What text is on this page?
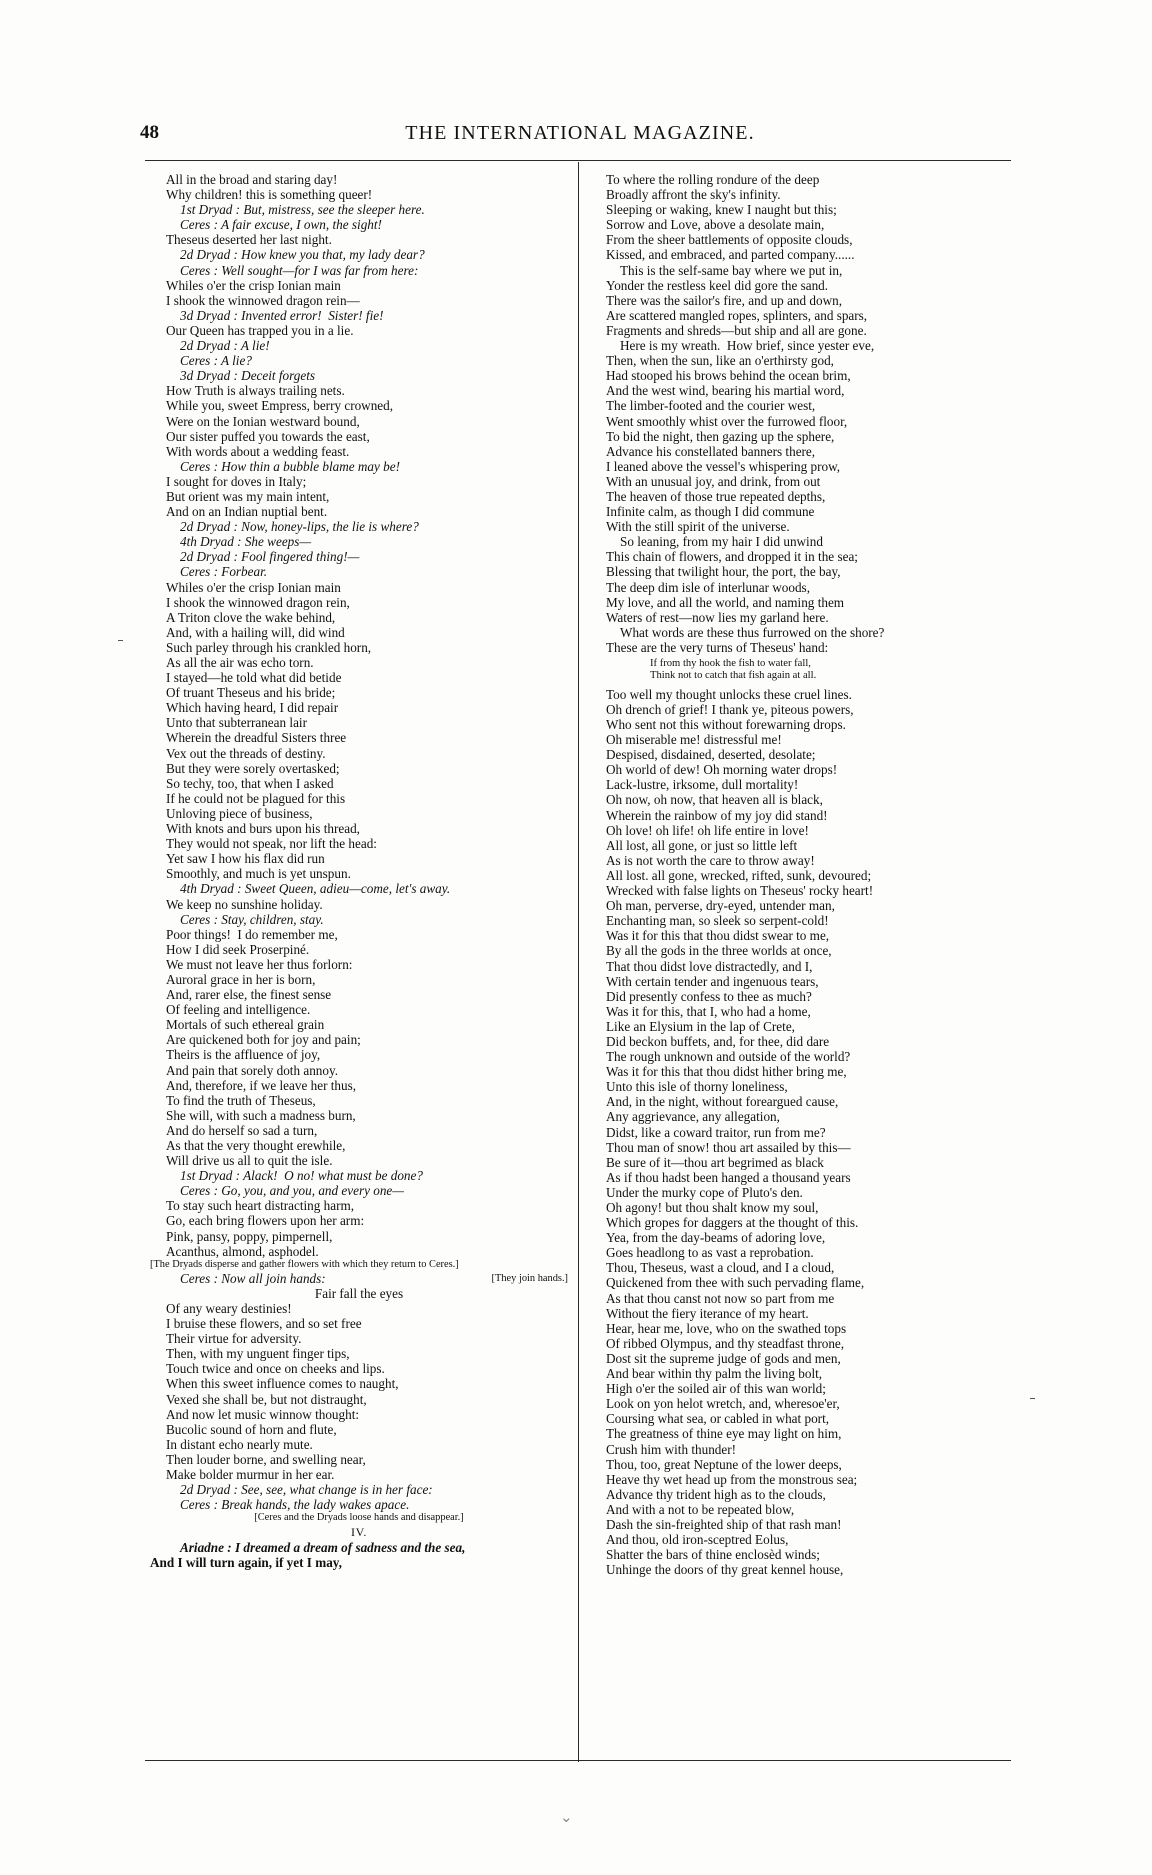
48	THE INTERNATIONAL MAGAZINE.
⌄
All in the broad and staring day!
Why children! this is something queer!
1st Dryad : But, mistress, see the sleeper here.
Ceres : A fair excuse, I own, the sight!
Theseus deserted her last night.
2d Dryad : How knew you that, my lady dear?
Ceres : Well sought—for I was far from here:
Whiles o'er the crisp Ionian main
I shook the winnowed dragon rein—
3d Dryad : Invented error!  Sister! fie!
Our Queen has trapped you in a lie.
2d Dryad : A lie!
Ceres : A lie?
3d Dryad : Deceit forgets
How Truth is always trailing nets.
While you, sweet Empress, berry crowned,
Were on the Ionian westward bound,
Our sister puffed you towards the east,
With words about a wedding feast.
Ceres : How thin a bubble blame may be!
I sought for doves in Italy;
But orient was my main intent,
And on an Indian nuptial bent.
2d Dryad : Now, honey-lips, the lie is where?
4th Dryad : She weeps—
2d Dryad : Fool fingered thing!—
Ceres : Forbear.
Whiles o'er the crisp Ionian main
I shook the winnowed dragon rein,
A Triton clove the wake behind,
And, with a hailing will, did wind
Such parley through his crankled horn,
As all the air was echo torn.
I stayed—he told what did betide
Of truant Theseus and his bride;
Which having heard, I did repair
Unto that subterranean lair
Wherein the dreadful Sisters three
Vex out the threads of destiny.
But they were sorely overtasked;
So techy, too, that when I asked
If he could not be plagued for this
Unloving piece of business,
With knots and burs upon his thread,
They would not speak, nor lift the head:
Yet saw I how his flax did run
Smoothly, and much is yet unspun.
4th Dryad : Sweet Queen, adieu—come, let's away.
We keep no sunshine holiday.
Ceres : Stay, children, stay.
Poor things!  I do remember me,
How I did seek Proserpiné.
We must not leave her thus forlorn:
Auroral grace in her is born,
And, rarer else, the finest sense
Of feeling and intelligence.
Mortals of such ethereal grain
Are quickened both for joy and pain;
Theirs is the affluence of joy,
And pain that sorely doth annoy.
And, therefore, if we leave her thus,
To find the truth of Theseus,
She will, with such a madness burn,
And do herself so sad a turn,
As that the very thought erewhile,
Will drive us all to quit the isle.
1st Dryad : Alack!  O no! what must be done?
Ceres : Go, you, and you, and every one—
To stay such heart distracting harm,
Go, each bring flowers upon her arm:
Pink, pansy, poppy, pimpernell,
Acanthus, almond, asphodel.
[The Dryads disperse and gather flowers with which they return to Ceres.]
Ceres : Now all join hands:	[They join hands.]
Fair fall the eyes
Of any weary destinies!
I bruise these flowers, and so set free
Their virtue for adversity.
Then, with my unguent finger tips,
Touch twice and once on cheeks and lips.
When this sweet influence comes to naught,
Vexed she shall be, but not distraught,
And now let music winnow thought:
Bucolic sound of horn and flute,
In distant echo nearly mute.
Then louder borne, and swelling near,
Make bolder murmur in her ear.
2d Dryad : See, see, what change is in her face:
Ceres : Break hands, the lady wakes apace.
[Ceres and the Dryads loose hands and disappear.]
IV.
Ariadne : I dreamed a dream of sadness and the sea,
And I will turn again, if yet I may,
To where the rolling rondure of the deep
Broadly affront the sky's infinity.
Sleeping or waking, knew I naught but this;
Sorrow and Love, above a desolate main,
From the sheer battlements of opposite clouds,
Kissed, and embraced, and parted company......
This is the self-same bay where we put in,
Yonder the restless keel did gore the sand.
There was the sailor's fire, and up and down,
Are scattered mangled ropes, splinters, and spars,
Fragments and shreds—but ship and all are gone.
Here is my wreath.  How brief, since yester eve,
Then, when the sun, like an o'erthirsty god,
Had stooped his brows behind the ocean brim,
And the west wind, bearing his martial word,
The limber-footed and the courier west,
Went smoothly whist over the furrowed floor,
To bid the night, then gazing up the sphere,
Advance his constellated banners there,
I leaned above the vessel's whispering prow,
With an unusual joy, and drink, from out
The heaven of those true repeated depths,
Infinite calm, as though I did commune
With the still spirit of the universe.
So leaning, from my hair I did unwind
This chain of flowers, and dropped it in the sea;
Blessing that twilight hour, the port, the bay,
The deep dim isle of interlunar woods,
My love, and all the world, and naming them
Waters of rest—now lies my garland here.
What words are these thus furrowed on the shore?
These are the very turns of Theseus' hand:
If from thy hook the fish to water fall,
Think not to catch that fish again at all.
Too well my thought unlocks these cruel lines.
Oh drench of grief! I thank ye, piteous powers,
Who sent not this without forewarning drops.
Oh miserable me! distressful me!
Despised, disdained, deserted, desolate;
Oh world of dew! Oh morning water drops!
Lack-lustre, irksome, dull mortality!
Oh now, oh now, that heaven all is black,
Wherein the rainbow of my joy did stand!
Oh love! oh life! oh life entire in love!
All lost, all gone, or just so little left
As is not worth the care to throw away!
All lost. all gone, wrecked, rifted, sunk, devoured;
Wrecked with false lights on Theseus' rocky heart!
Oh man, perverse, dry-eyed, untender man,
Enchanting man, so sleek so serpent-cold!
Was it for this that thou didst swear to me,
By all the gods in the three worlds at once,
That thou didst love distractedly, and I,
With certain tender and ingenuous tears,
Did presently confess to thee as much?
Was it for this, that I, who had a home,
Like an Elysium in the lap of Crete,
Did beckon buffets, and, for thee, did dare
The rough unknown and outside of the world?
Was it for this that thou didst hither bring me,
Unto this isle of thorny loneliness,
And, in the night, without foreargued cause,
Any aggrievance, any allegation,
Didst, like a coward traitor, run from me?
Thou man of snow! thou art assailed by this—
Be sure of it—thou art begrimed as black
As if thou hadst been hanged a thousand years
Under the murky cope of Pluto's den.
Oh agony! but thou shalt know my soul,
Which gropes for daggers at the thought of this.
Yea, from the day-beams of adoring love,
Goes headlong to as vast a reprobation.
Thou, Theseus, wast a cloud, and I a cloud,
Quickened from thee with such pervading flame,
As that thou canst not now so part from me
Without the fiery iterance of my heart.
Hear, hear me, love, who on the swathed tops
Of ribbed Olympus, and thy steadfast throne,
Dost sit the supreme judge of gods and men,
And bear within thy palm the living bolt,
High o'er the soiled air of this wan world;
Look on yon helot wretch, and, wheresoe'er,
Coursing what sea, or cabled in what port,
The greatness of thine eye may light on him,
Crush him with thunder!
Thou, too, great Neptune of the lower deeps,
Heave thy wet head up from the monstrous sea;
Advance thy trident high as to the clouds,
And with a not to be repeated blow,
Dash the sin-freighted ship of that rash man!
And thou, old iron-sceptred Eolus,
Shatter the bars of thine enclosèd winds;
Unhinge the doors of thy great kennel house,
